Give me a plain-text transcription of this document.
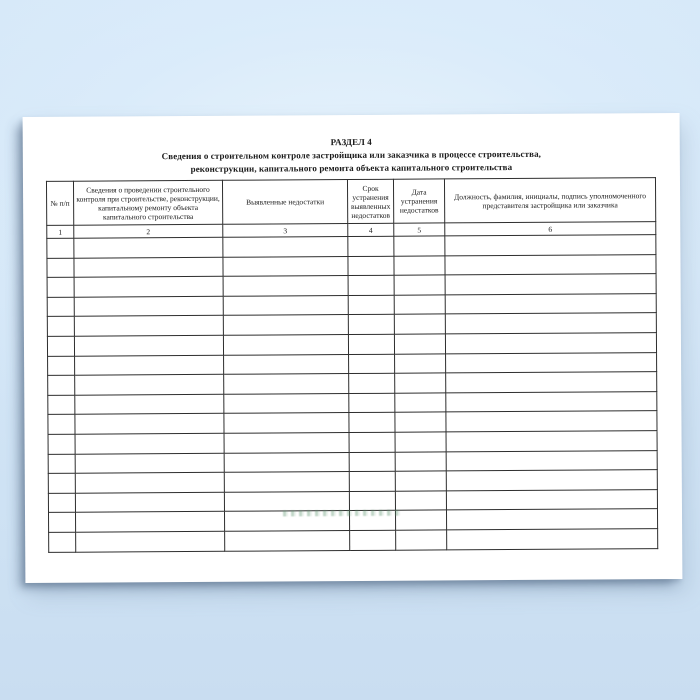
РАЗДЕЛ 4
Сведения о строительном контроле застройщика или заказчика в процессе строительства,
реконструкции, капитального ремонта объекта капитального строительства
№ п/п	Сведения о проведении строительного контроля при строительстве, реконструкции, капитальному ремонту объекта капитального строительства	Выявленные недостатки	Срок устранения выявленных недостатков	Дата устранения недостатков	Должность, фамилия, инициалы, подпись уполномоченного представителя застройщика или заказчика
1	2	3	4	5	6
